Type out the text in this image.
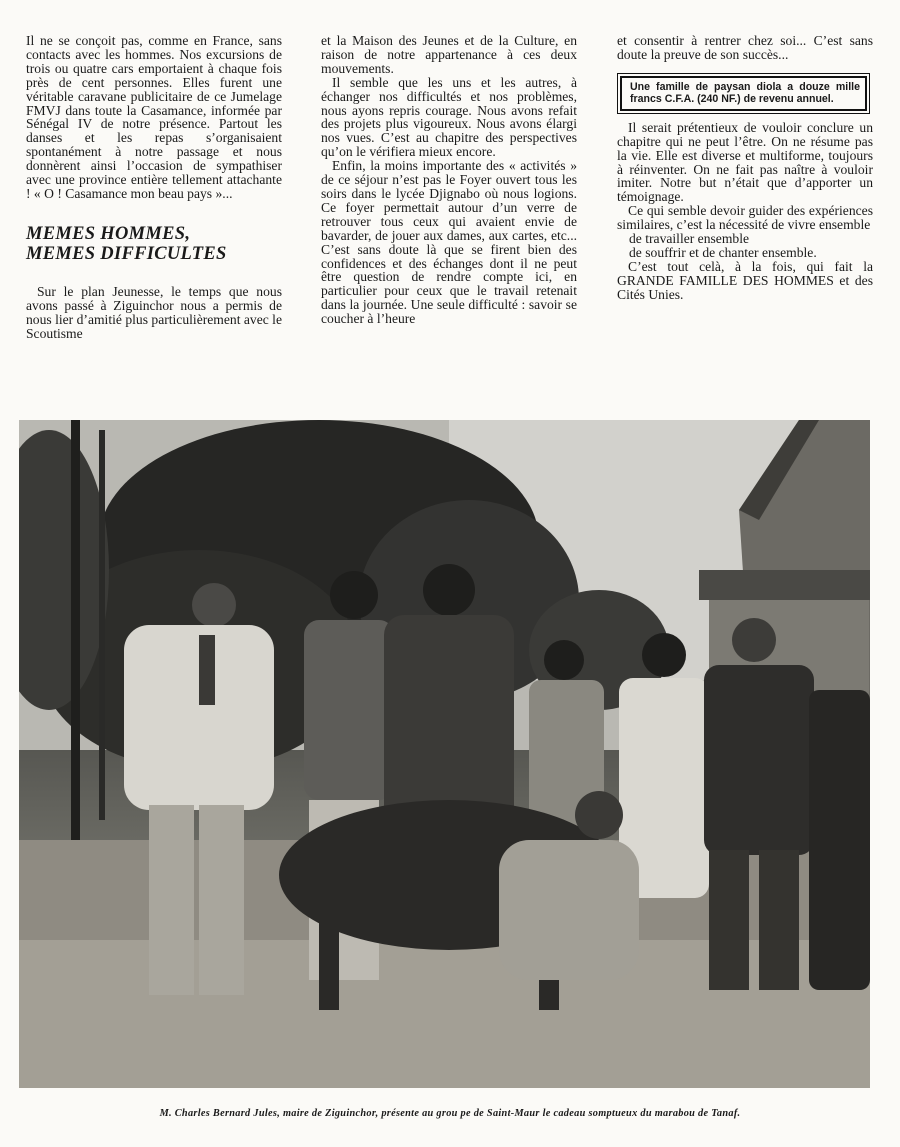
Il ne se conçoit pas, comme en France, sans contacts avec les hommes. Nos excursions de trois ou quatre cars emportaient à chaque fois près de cent personnes. Elles furent une véritable caravane publicitaire de ce Jumelage FMVJ dans toute la Casamance, informée par Sénégal IV de notre présence. Partout les danses et les repas s’organisaient spontanément à notre passage et nous donnèrent ainsi l’occasion de sympathiser avec une province entière tellement attachante ! « O ! Casamance mon beau pays »...

MEMES HOMMES,
MEMES DIFFICULTES

Sur le plan Jeunesse, le temps que nous avons passé à Ziguinchor nous a permis de nous lier d’amitié plus particulièrement avec le Scoutisme

et la Maison des Jeunes et de la Culture, en raison de notre appartenance à ces deux mouvements.

Il semble que les uns et les autres, à échanger nos difficultés et nos problèmes, nous ayons repris courage. Nous avons refait des projets plus vigoureux. Nous avons élargi nos vues. C’est au chapitre des perspectives qu’on le vérifiera mieux encore.

Enfin, la moins importante des « activités » de ce séjour n’est pas le Foyer ouvert tous les soirs dans le lycée Djignabo où nous logions. Ce foyer permettait autour d’un verre de retrouver tous ceux qui avaient envie de bavarder, de jouer aux dames, aux cartes, etc... C’est sans doute là que se firent bien des confidences et des échanges dont il ne peut être question de rendre compte ici, en particulier pour ceux que le travail retenait dans la journée. Une seule difficulté : savoir se coucher à l’heure

et consentir à rentrer chez soi... C’est sans doute la preuve de son succès...

Une famille de paysan diola a douze mille francs C.F.A. (240 NF.) de revenu annuel.

Il serait prétentieux de vouloir conclure un chapitre qui ne peut l’être. On ne résume pas la vie. Elle est diverse et multiforme, toujours à réinventer. On ne fait pas naître à vouloir imiter. Notre but n’était que d’apporter un témoignage.

Ce qui semble devoir guider des expériences similaires, c’est la nécessité de vivre ensemble

de travailler ensemble

de souffrir et de chanter ensemble.

C’est tout celà, à la fois, qui fait la GRANDE FAMILLE DES HOMMES et des Cités Unies.

M. Charles Bernard Jules, maire de Ziguinchor, présente au grou pe de Saint-Maur le cadeau somptueux du marabou de Tanaf.
